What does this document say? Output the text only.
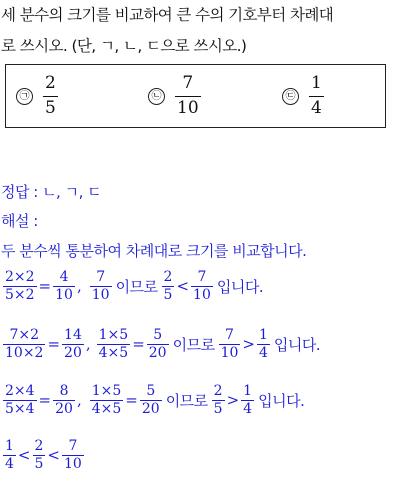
세 분수의 크기를 비교하여 큰 수의 기호부터 차례대
로 쓰시오. (단, ㄱ, ㄴ, ㄷ으로 쓰시오.)
㉠ $\frac{2}{5}$	㉡ $\frac{7}{10}$	㉢ $\frac{1}{4}$
정답 : ㄴ, ㄱ, ㄷ
해설 :
두 분수씩 통분하여 차례대로 크기를 비교합니다.
$\frac{2\times 2}{5\times 2} = \frac{4}{10}$ , $\frac{7}{10}$ 이므로 $\frac{2}{5} < \frac{7}{10}$ 입니다.
$\frac{7\times 2}{10\times 2} = \frac{14}{20}$ , $\frac{1\times 5}{4\times 5} = \frac{5}{20}$ 이므로 $\frac{7}{10} > \frac{1}{4}$ 입니다.
$\frac{2\times 4}{5\times 4} = \frac{8}{20}$ , $\frac{1\times 5}{4\times 5} = \frac{5}{20}$ 이므로 $\frac{2}{5} > \frac{1}{4}$ 입니다.
$\frac{1}{4} < \frac{2}{5} < \frac{7}{10}$
